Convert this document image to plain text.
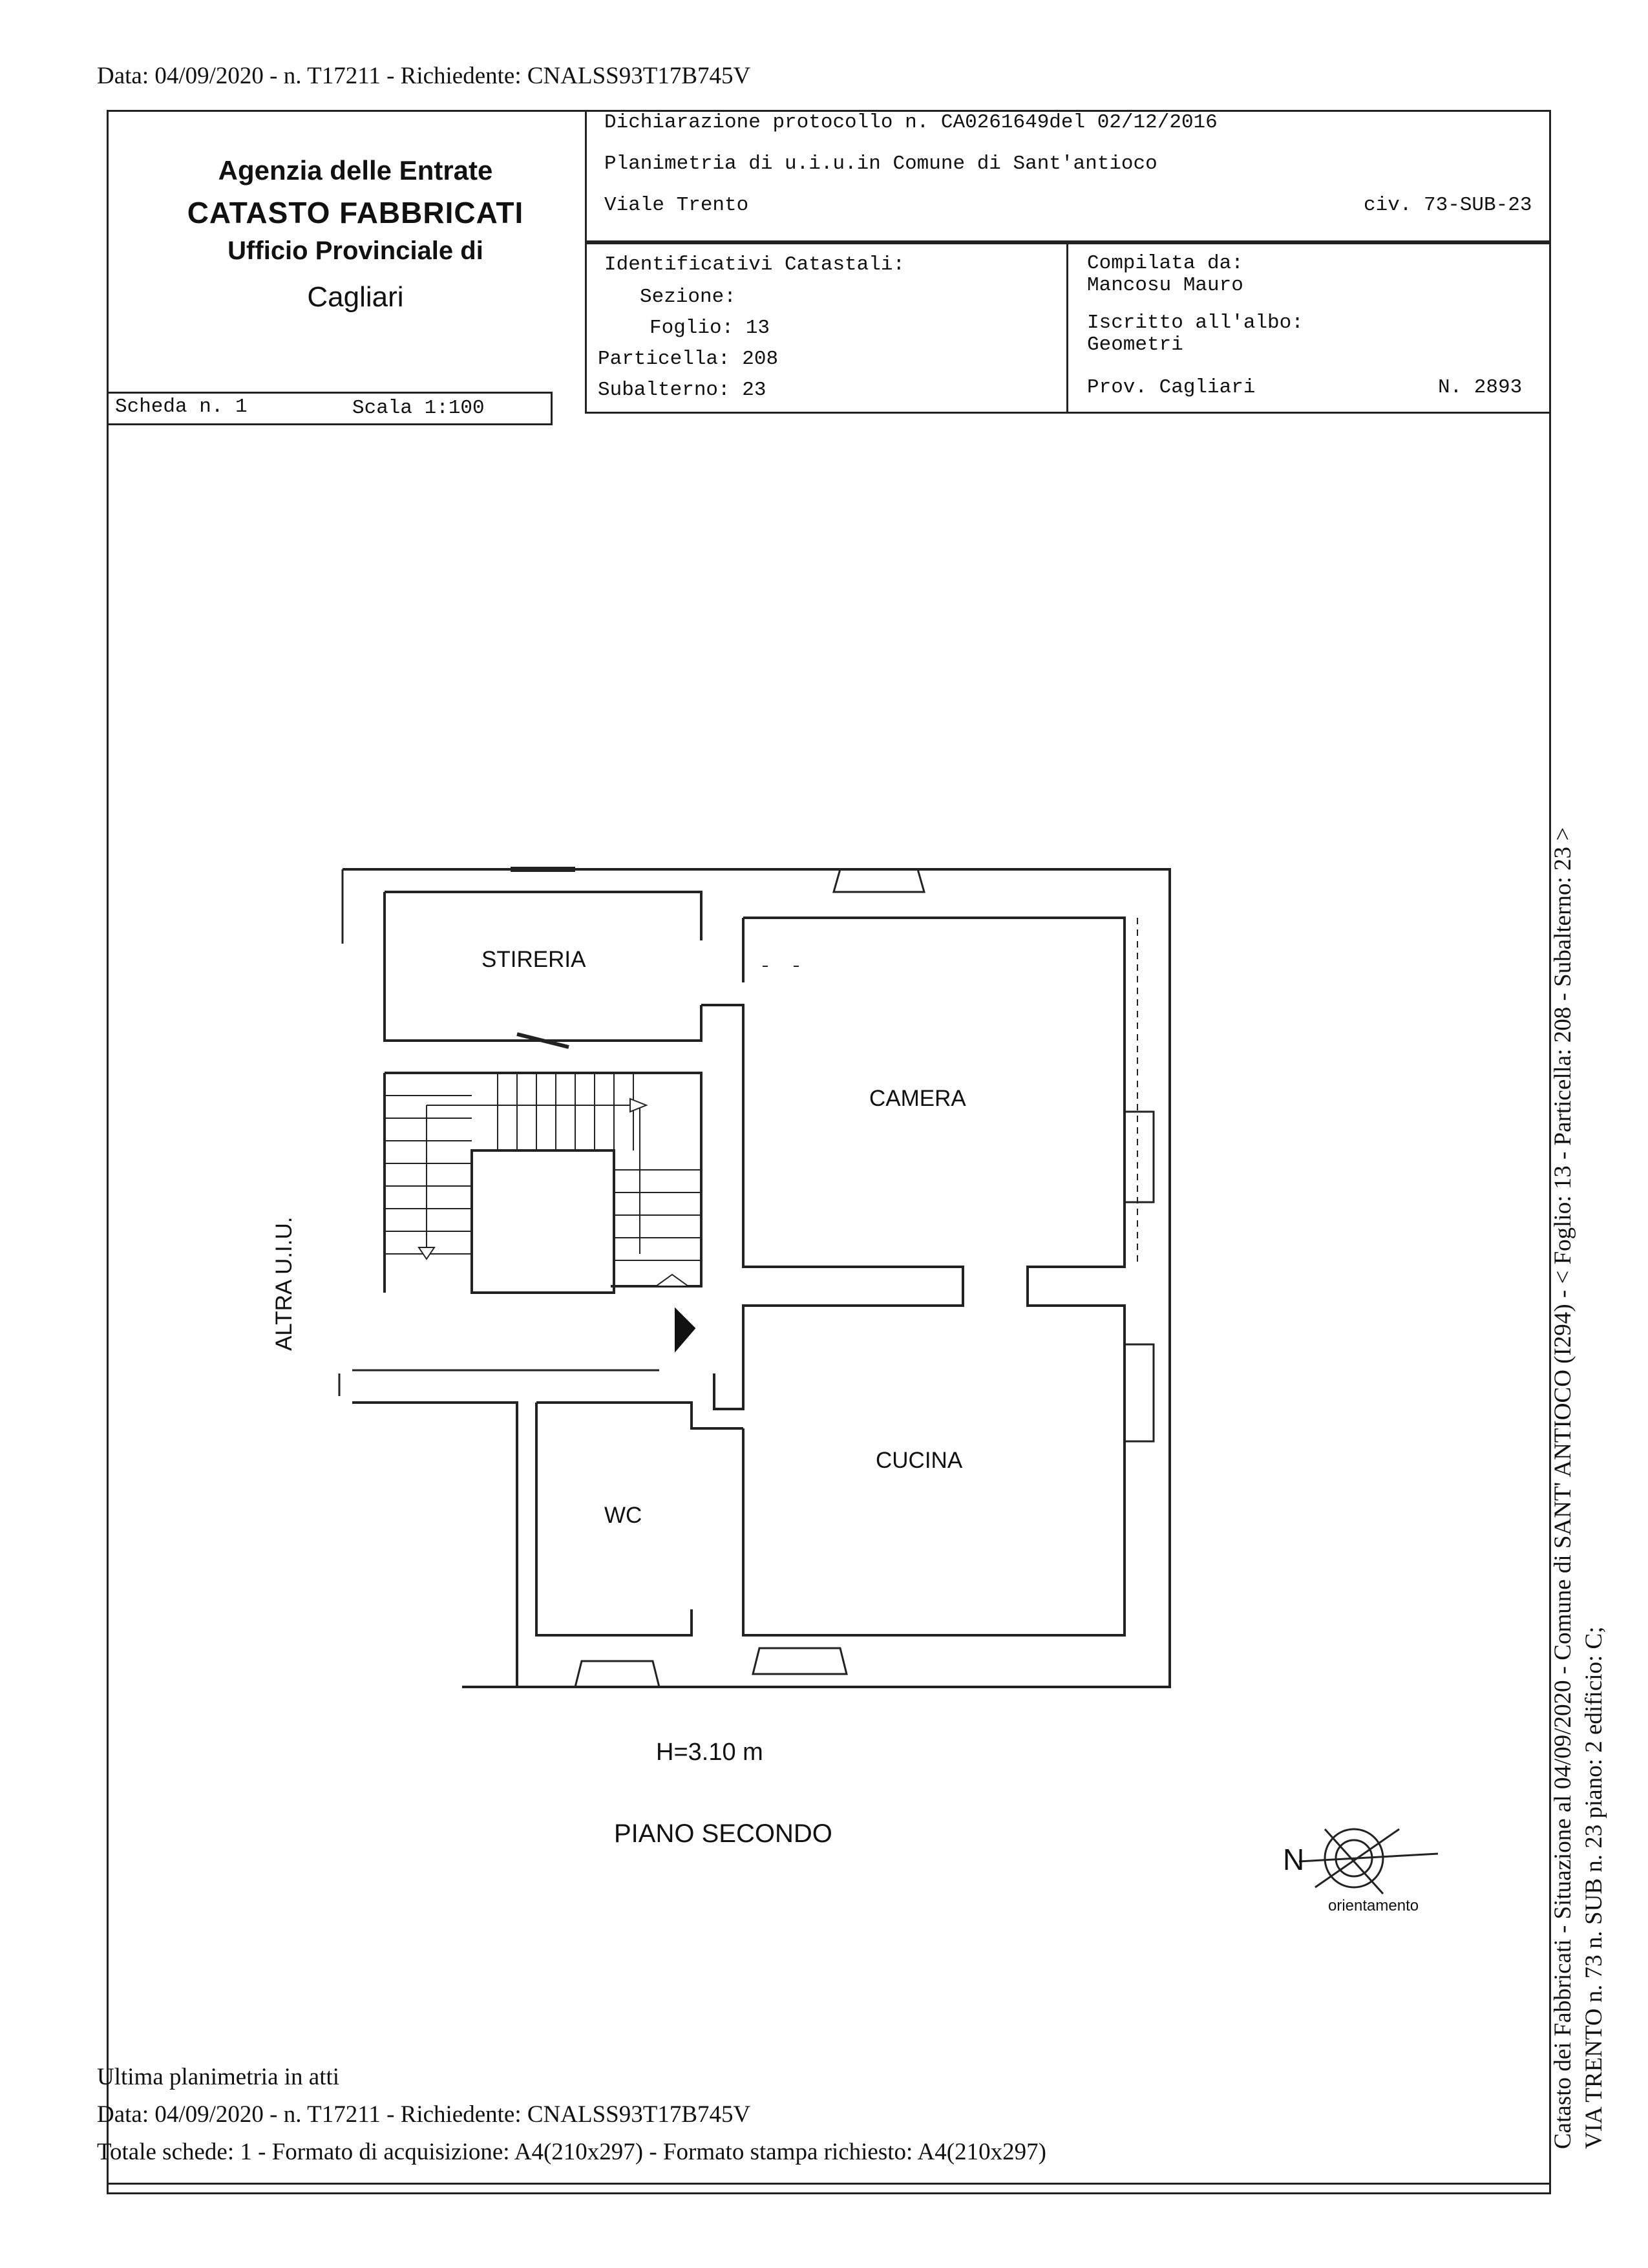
Data: 04/09/2020 - n. T17211 - Richiedente: CNALSS93T17B745V
Agenzia delle Entrate
CATASTO FABBRICATI
Ufficio Provinciale di
Cagliari
Dichiarazione protocollo n. CA0261649del 02/12/2016
Planimetria di u.i.u.in Comune di Sant'antioco
Viale Trento	civ. 73-SUB-23
Identificativi Catastali:
Sezione:
Foglio: 13
Particella: 208
Subalterno: 23
Compilata da:
Mancosu Mauro
Iscritto all'albo:
Geometri
Prov. Cagliari	N. 2893
Scheda n. 1	Scala 1:100
STIRERIA
CAMERA
CUCINA
WC
ALTRA U.I.U.
H=3.10 m
PIANO SECONDO
N
orientamento	Catasto dei Fabbricati - Situazione al 04/09/2020 - Comune di SANT' ANTIOCO (I294) - < Foglio: 13 - Particella: 208 - Subalterno: 23 > VIA TRENTO n. 73 n. SUB n. 23 piano: 2 edificio: C;
Ultima planimetria in atti
Data: 04/09/2020 - n. T17211 - Richiedente: CNALSS93T17B745V
Totale schede: 1 - Formato di acquisizione: A4(210x297) - Formato stampa richiesto: A4(210x297)
